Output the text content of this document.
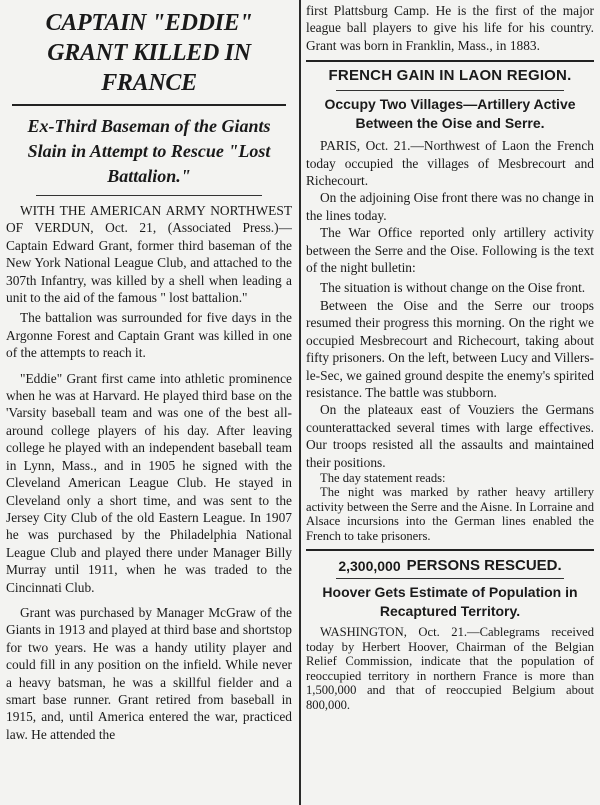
CAPTAIN "EDDIE" GRANT KILLED IN FRANCE
Ex-Third Baseman of the Giants Slain in Attempt to Rescue "Lost Battalion."

WITH THE AMERICAN ARMY NORTHWEST OF VERDUN, Oct. 21, (Associated Press.)—Captain Edward Grant, former third baseman of the New York National League Club, and attached to the 307th Infantry, was killed by a shell when leading a unit to the aid of the famous " lost battalion."

The battalion was surrounded for five days in the Argonne Forest and Captain Grant was killed in one of the attempts to reach it.

"Eddie" Grant first came into athletic prominence when he was at Harvard. He played third base on the 'Varsity baseball team and was one of the best all-around college players of his day. After leaving college he played with an independent baseball team in Lynn, Mass., and in 1905 he signed with the Cleveland American League Club. He stayed in Cleveland only a short time, and was sent to the Jersey City Club of the old Eastern League. In 1907 he was purchased by the Philadelphia National League Club and played there under Manager Billy Murray until 1911, when he was traded to the Cincinnati Club.

Grant was purchased by Manager McGraw of the Giants in 1913 and played at third base and shortstop for two years. He was a handy utility player and could fill in any position on the infield. While never a heavy batsman, he was a skillful fielder and a smart base runner. Grant retired from baseball in 1915, and, until America entered the war, practiced law. He attended the

first Plattsburg Camp. He is the first of the major league ball players to give his life for his country. Grant was born in Franklin, Mass., in 1883.

FRENCH GAIN IN LAON REGION.
Occupy Two Villages—Artillery Active Between the Oise and Serre.

PARIS, Oct. 21.—Northwest of Laon the French today occupied the villages of Mesbrecourt and Richecourt.

On the adjoining Oise front there was no change in the lines today.

The War Office reported only artillery activity between the Serre and the Oise. Following is the text of the night bulletin:

The situation is without change on the Oise front.

Between the Oise and the Serre our troops resumed their progress this morning. On the right we occupied Mesbrecourt and Richecourt, taking about fifty prisoners. On the left, between Lucy and Villers-le-Sec, we gained ground despite the enemy's spirited resistance. The battle was stubborn.

On the plateaux east of Vouziers the Germans counterattacked several times with large effectives. Our troops resisted all the assaults and maintained their positions.

The day statement reads:

The night was marked by rather heavy artillery activity between the Serre and the Aisne. In Lorraine and Alsace incursions into the German lines enabled the French to take prisoners.

2,300,000 PERSONS RESCUED.
Hoover Gets Estimate of Population in Recaptured Territory.

WASHINGTON, Oct. 21.—Cablegrams received today by Herbert Hoover, Chairman of the Belgian Relief Commission, indicate that the population of reoccupied territory in northern France is more than 1,500,000 and that of reoccupied Belgium about 800,000.
